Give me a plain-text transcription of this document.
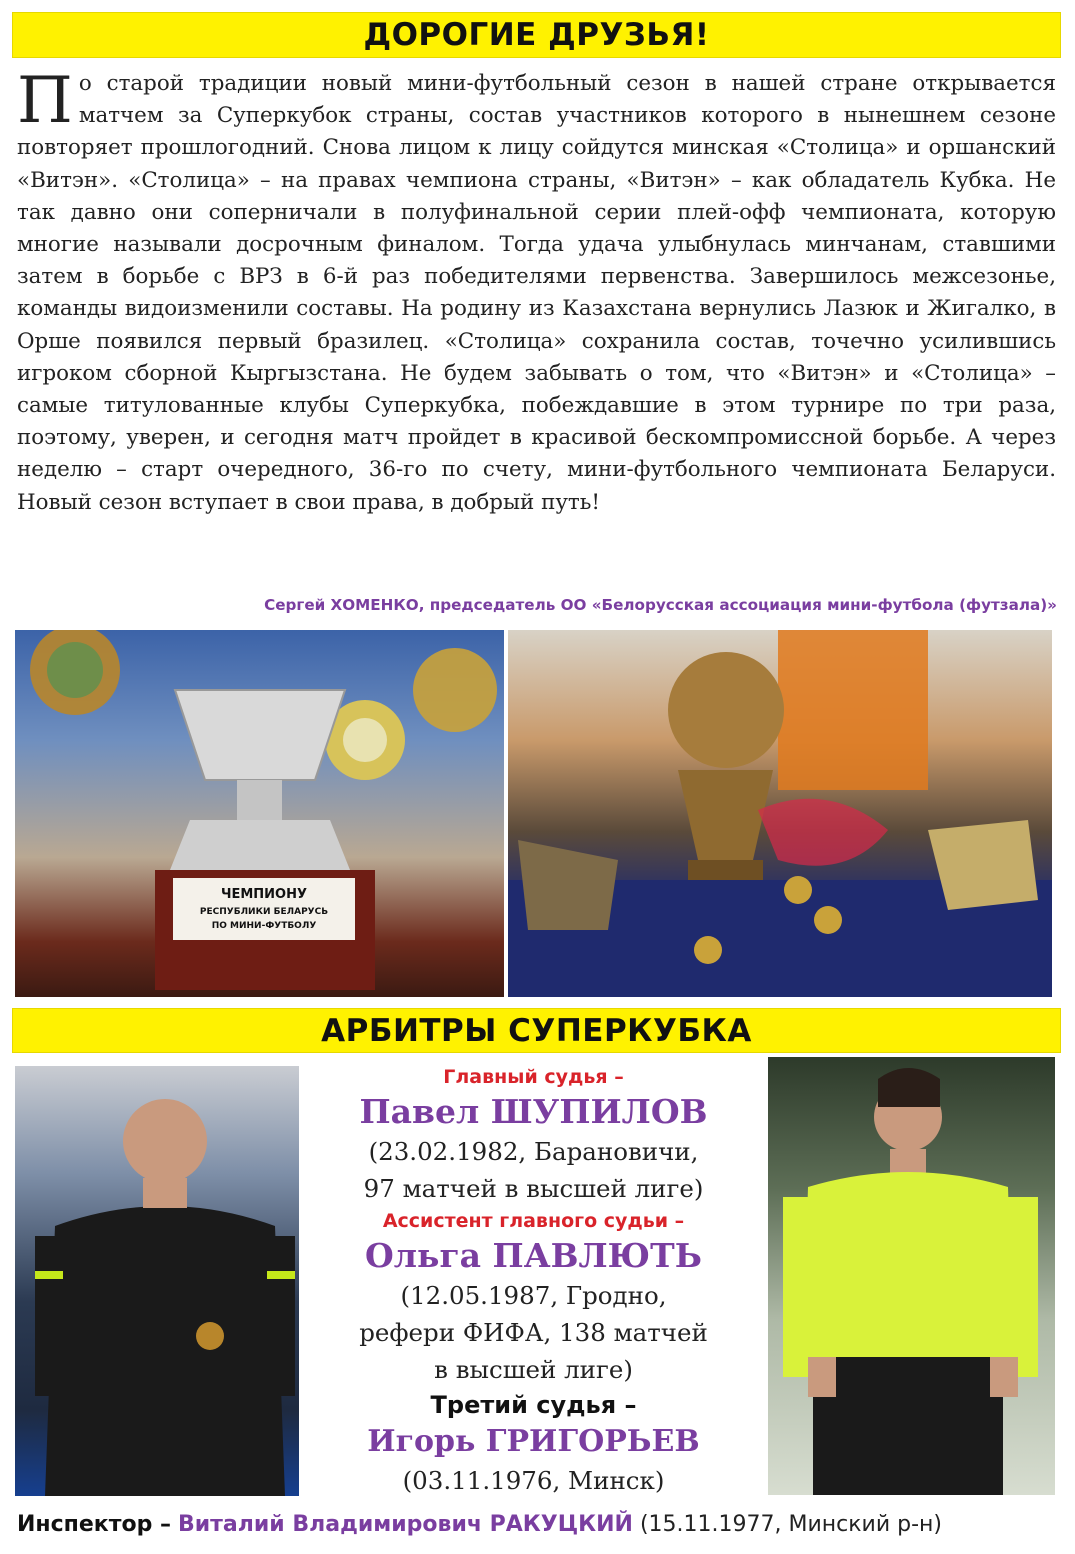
ДОРОГИЕ ДРУЗЬЯ!
По старой традиции новый мини-футбольный сезон в нашей стране открывается матчем за Суперкубок страны, состав участников которого в нынешнем сезоне повторяет прошлогодний. Снова лицом к лицу сойдутся минская «Столица» и оршанский «Витэн». «Столица» – на правах чемпиона страны, «Витэн» – как обладатель Кубка. Не так давно они соперничали в полуфинальной серии плей-офф чемпионата, которую многие называли досрочным финалом. Тогда удача улыбнулась минчанам, ставшими затем в борьбе с ВРЗ в 6-й раз победителями первенства. Завершилось межсезонье, команды видоизменили составы. На родину из Казахстана вернулись Лазюк и Жигалко, в Орше появился первый бразилец. «Столица» сохранила состав, точечно усилившись игроком сборной Кыргызстана. Не будем забывать о том, что «Витэн» и «Столица» – самые титулованные клубы Суперкубка, побеждавшие в этом турнире по три раза, поэтому, уверен, и сегодня матч пройдет в красивой бескомпромиссной борьбе. А через неделю – старт очередного, 36-го по счету, мини-футбольного чемпионата Беларуси. Новый сезон вступает в свои права, в добрый путь!
Сергей ХОМЕНКО, председатель ОО «Белорусская ассоциация мини-футбола (футзала)»
ЧЕМПИОНУ
РЕСПУБЛИКИ БЕЛАРУСЬ
ПО МИНИ-ФУТБОЛУ
АРБИТРЫ СУПЕРКУБКА
Главный судья –
Павел ШУПИЛОВ
(23.02.1982, Барановичи,
97 матчей в высшей лиге)
Ассистент главного судьи –
Ольга ПАВЛЮТЬ
(12.05.1987, Гродно,
рефери ФИФА, 138 матчей
в высшей лиге)
Третий судья –
Игорь ГРИГОРЬЕВ
(03.11.1976, Минск)
Инспектор – Виталий Владимирович РАКУЦКИЙ (15.11.1977, Минский р-н)
